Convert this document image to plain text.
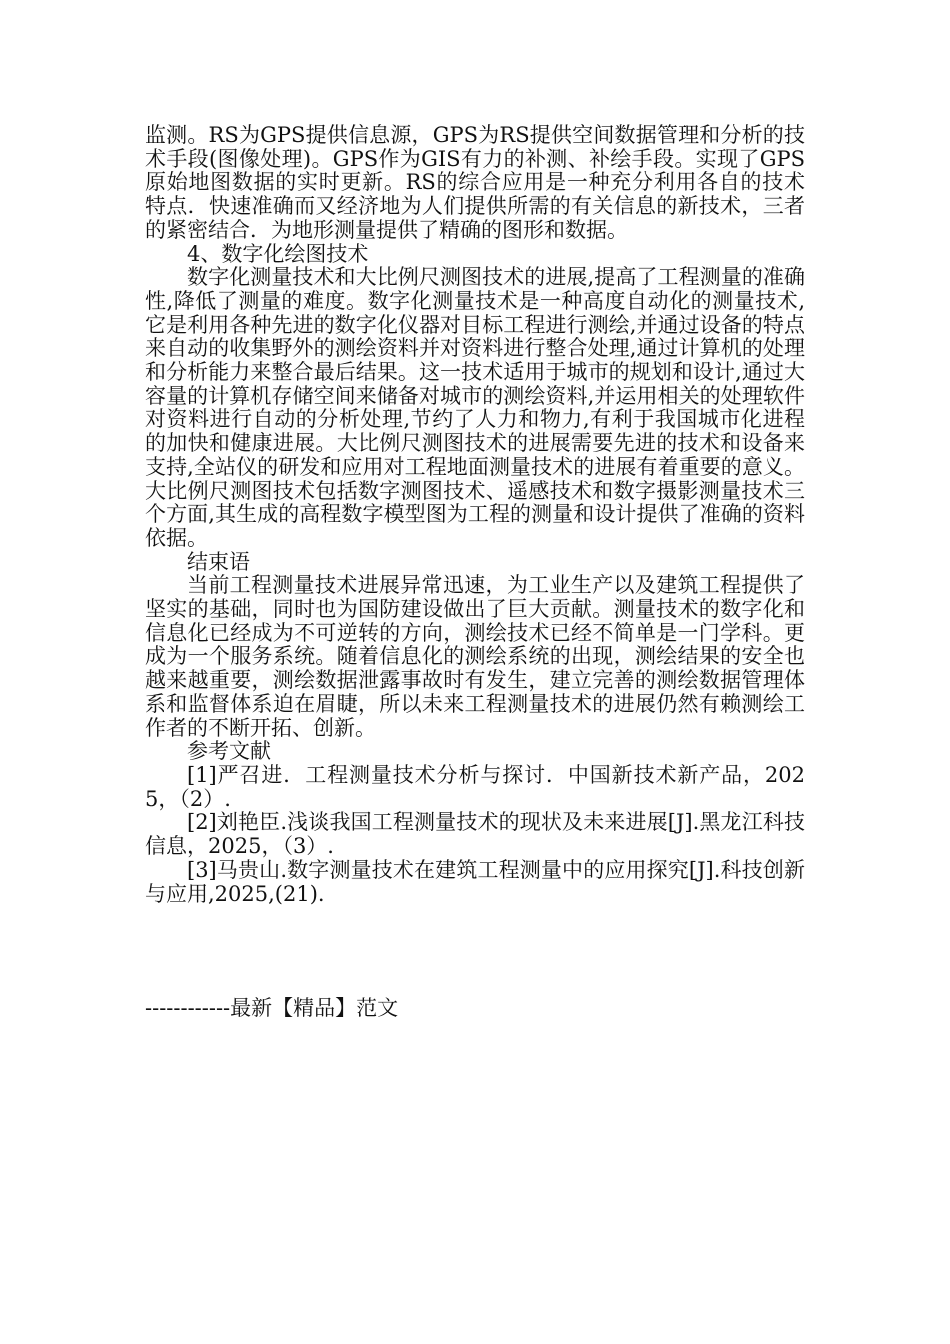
监测。RS为GPS提供信息源，GPS为RS提供空间数据管理和分析的技术手段(图像处理)。GPS作为GIS有力的补测、补绘手段。实现了GPS原始地图数据的实时更新。RS的综合应用是一种充分利用各自的技术特点．快速准确而又经济地为人们提供所需的有关信息的新技术，三者的紧密结合．为地形测量提供了精确的图形和数据。

4、数字化绘图技术

数字化测量技术和大比例尺测图技术的进展,提高了工程测量的准确性,降低了测量的难度。数字化测量技术是一种高度自动化的测量技术,它是利用各种先进的数字化仪器对目标工程进行测绘,并通过设备的特点来自动的收集野外的测绘资料并对资料进行整合处理,通过计算机的处理和分析能力来整合最后结果。这一技术适用于城市的规划和设计,通过大容量的计算机存储空间来储备对城市的测绘资料,并运用相关的处理软件对资料进行自动的分析处理,节约了人力和物力,有利于我国城市化进程的加快和健康进展。大比例尺测图技术的进展需要先进的技术和设备来支持,全站仪的研发和应用对工程地面测量技术的进展有着重要的意义。大比例尺测图技术包括数字测图技术、遥感技术和数字摄影测量技术三个方面,其生成的高程数字模型图为工程的测量和设计提供了准确的资料依据。

结束语

当前工程测量技术进展异常迅速，为工业生产以及建筑工程提供了坚实的基础，同时也为国防建设做出了巨大贡献。测量技术的数字化和信息化已经成为不可逆转的方向，测绘技术已经不简单是一门学科。更成为一个服务系统。随着信息化的测绘系统的出现，测绘结果的安全也越来越重要，测绘数据泄露事故时有发生，建立完善的测绘数据管理体系和监督体系迫在眉睫，所以未来工程测量技术的进展仍然有赖测绘工作者的不断开拓、创新。

参考文献

[1]严召进．工程测量技术分析与探讨．中国新技术新产品，2025，（2）.

[2]刘艳臣.浅谈我国工程测量技术的现状及未来进展[J].黑龙江科技信息，2025，（3）.

[3]马贵山.数字测量技术在建筑工程测量中的应用探究[J].科技创新与应用,2025,(21).

------------最新【精品】范文
